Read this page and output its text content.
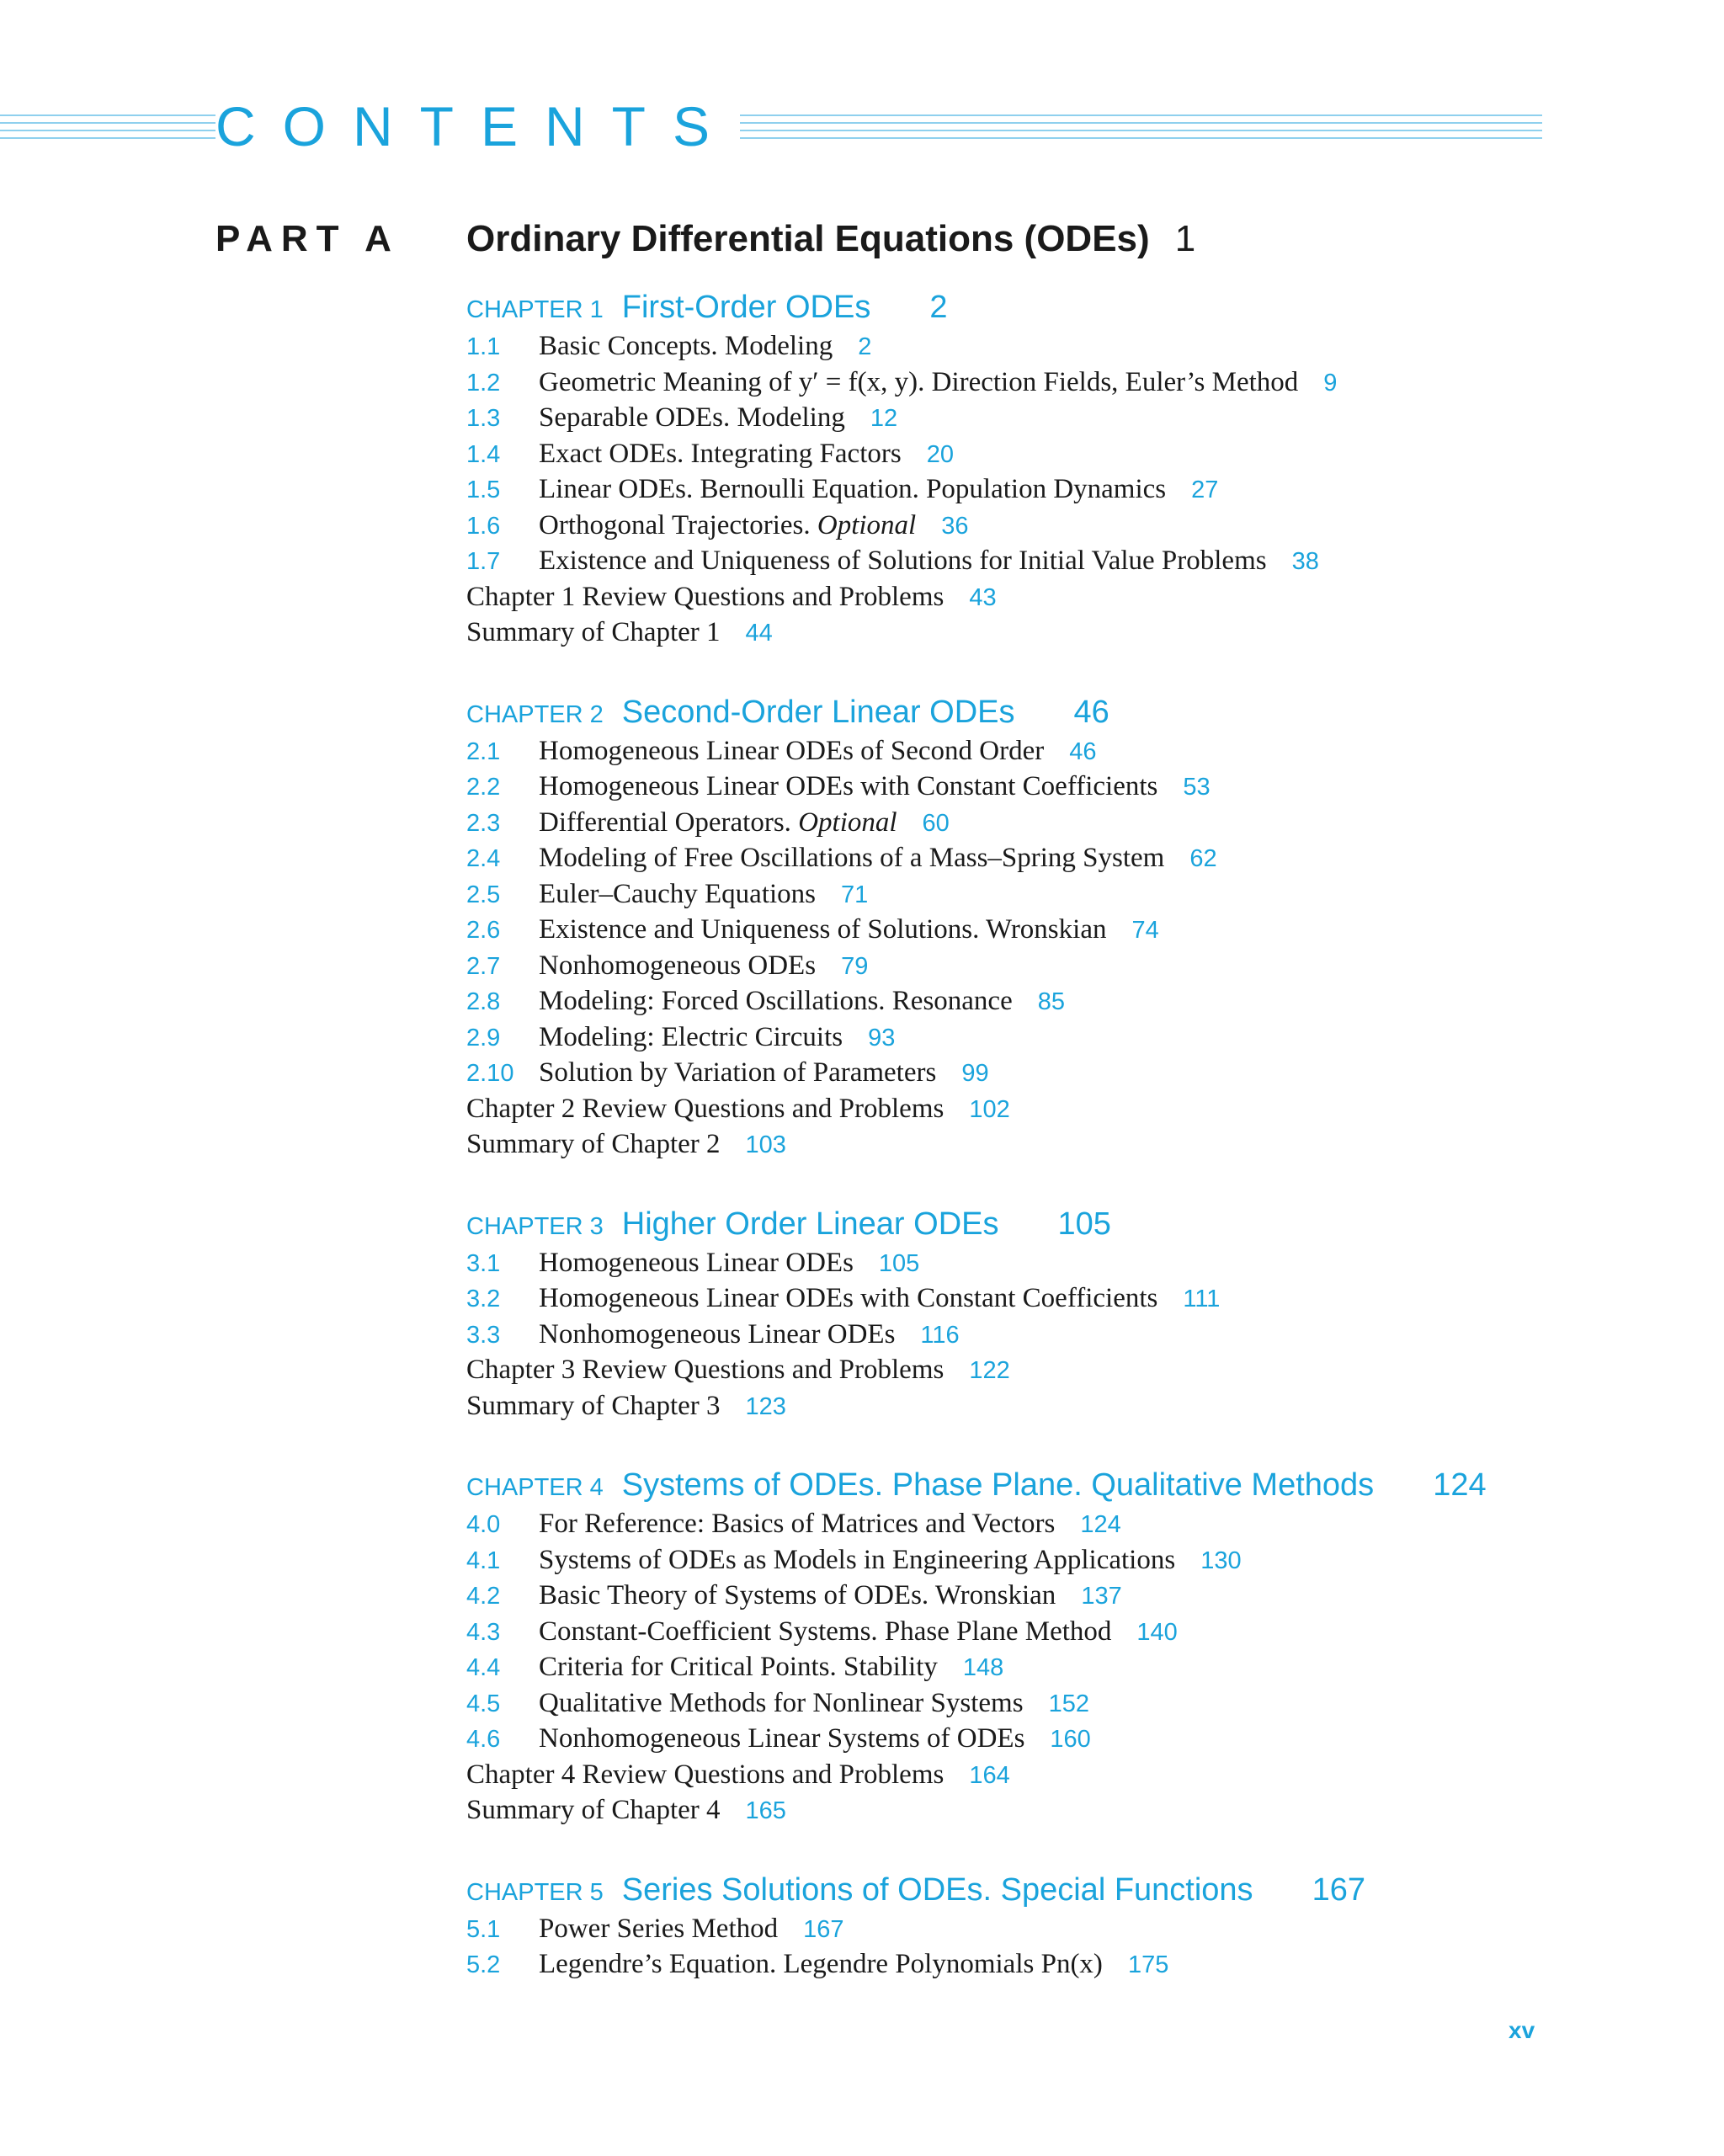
CONTENTS
PART A Ordinary Differential Equations (ODEs) 1
CHAPTER 1 First-Order ODEs 2
1.1 Basic Concepts. Modeling 2
1.2 Geometric Meaning of y′ = f(x, y). Direction Fields, Euler’s Method 9
1.3 Separable ODEs. Modeling 12
1.4 Exact ODEs. Integrating Factors 20
1.5 Linear ODEs. Bernoulli Equation. Population Dynamics 27
1.6 Orthogonal Trajectories. Optional 36
1.7 Existence and Uniqueness of Solutions for Initial Value Problems 38
Chapter 1 Review Questions and Problems 43
Summary of Chapter 1 44
CHAPTER 2 Second-Order Linear ODEs 46
2.1 Homogeneous Linear ODEs of Second Order 46
2.2 Homogeneous Linear ODEs with Constant Coefficients 53
2.3 Differential Operators. Optional 60
2.4 Modeling of Free Oscillations of a Mass–Spring System 62
2.5 Euler–Cauchy Equations 71
2.6 Existence and Uniqueness of Solutions. Wronskian 74
2.7 Nonhomogeneous ODEs 79
2.8 Modeling: Forced Oscillations. Resonance 85
2.9 Modeling: Electric Circuits 93
2.10 Solution by Variation of Parameters 99
Chapter 2 Review Questions and Problems 102
Summary of Chapter 2 103
CHAPTER 3 Higher Order Linear ODEs 105
3.1 Homogeneous Linear ODEs 105
3.2 Homogeneous Linear ODEs with Constant Coefficients 111
3.3 Nonhomogeneous Linear ODEs 116
Chapter 3 Review Questions and Problems 122
Summary of Chapter 3 123
CHAPTER 4 Systems of ODEs. Phase Plane. Qualitative Methods 124
4.0 For Reference: Basics of Matrices and Vectors 124
4.1 Systems of ODEs as Models in Engineering Applications 130
4.2 Basic Theory of Systems of ODEs. Wronskian 137
4.3 Constant-Coefficient Systems. Phase Plane Method 140
4.4 Criteria for Critical Points. Stability 148
4.5 Qualitative Methods for Nonlinear Systems 152
4.6 Nonhomogeneous Linear Systems of ODEs 160
Chapter 4 Review Questions and Problems 164
Summary of Chapter 4 165
CHAPTER 5 Series Solutions of ODEs. Special Functions 167
5.1 Power Series Method 167
5.2 Legendre’s Equation. Legendre Polynomials Pn(x) 175
xv
